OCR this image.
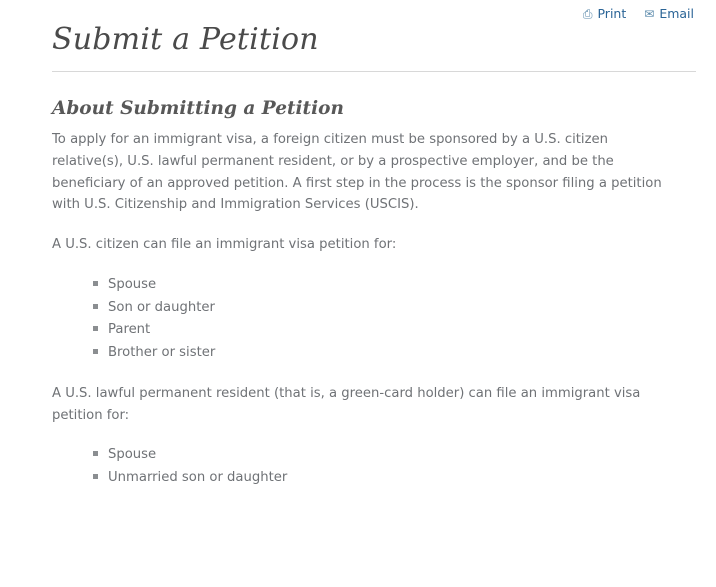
⎙ Print ✉ Email
Submit a Petition
About Submitting a Petition

To apply for an immigrant visa, a foreign citizen must be sponsored by a U.S. citizen relative(s), U.S. lawful permanent resident, or by a prospective employer, and be the beneficiary of an approved petition. A first step in the process is the sponsor filing a petition with U.S. Citizenship and Immigration Services (USCIS).

A U.S. citizen can file an immigrant visa petition for:

Spouse
Son or daughter
Parent
Brother or sister

A U.S. lawful permanent resident (that is, a green-card holder) can file an immigrant visa petition for:

Spouse
Unmarried son or daughter
